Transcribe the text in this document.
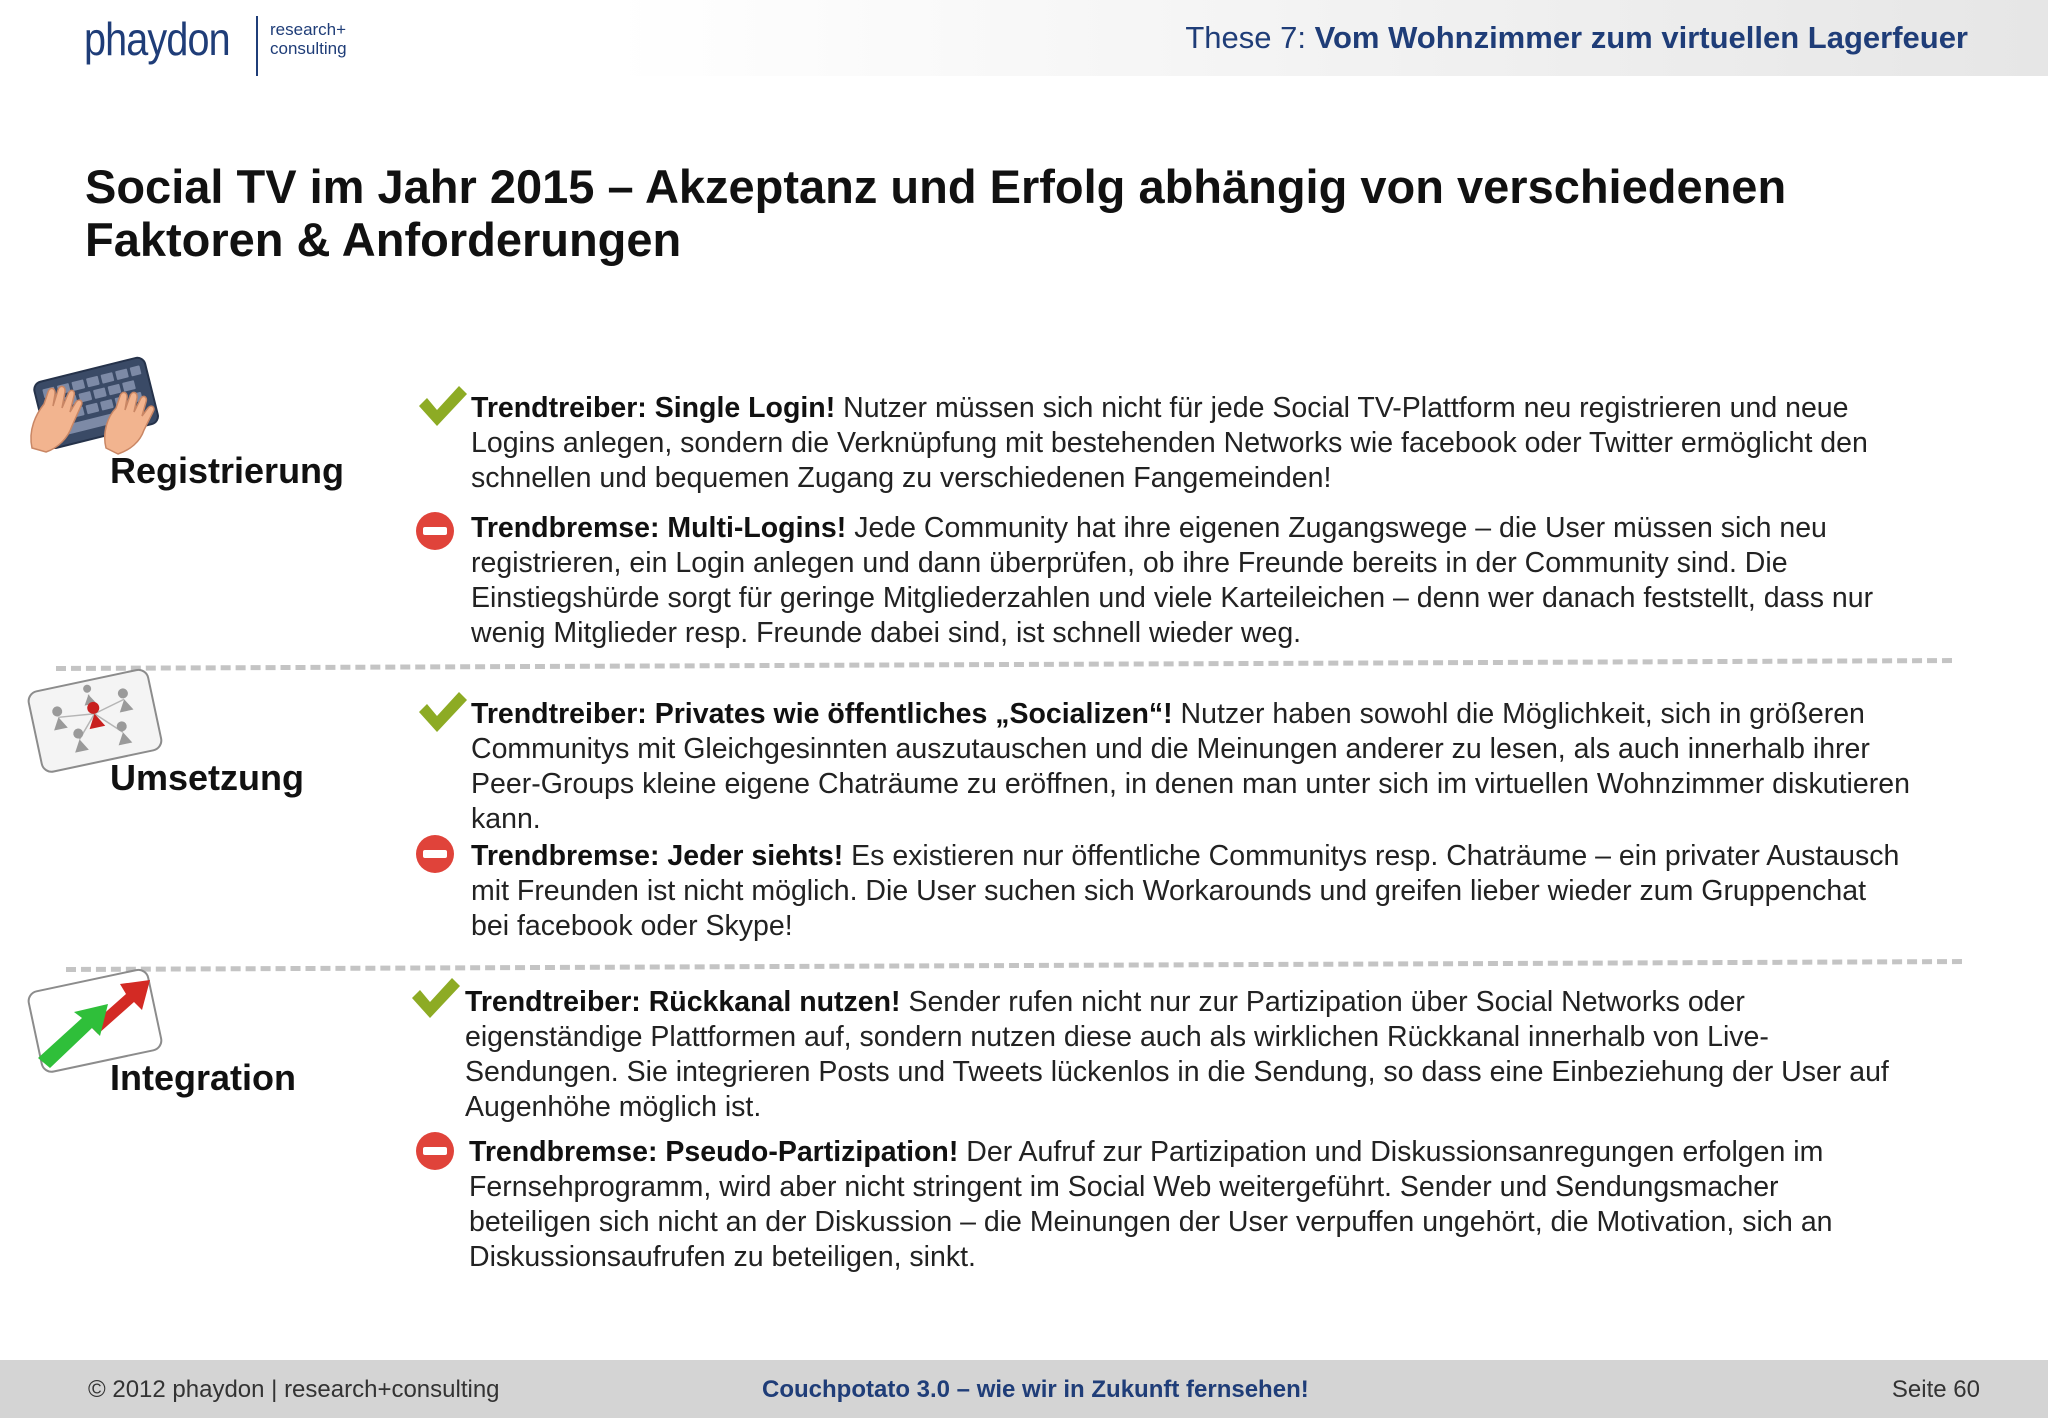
phaydon research+
consulting	These 7: Vom Wohnzimmer zum virtuellen Lagerfeuer
Social TV im Jahr 2015 – Akzeptanz und Erfolg abhängig von verschiedenen Faktoren & Anforderungen
Registrierung
Trendtreiber: Single Login! Nutzer müssen sich nicht für jede Social TV-Plattform neu registrieren und neue Logins anlegen, sondern die Verknüpfung mit bestehenden Networks wie facebook oder Twitter ermöglicht den schnellen und bequemen Zugang zu verschiedenen Fangemeinden!
Trendbremse: Multi-Logins! Jede Community hat ihre eigenen Zugangswege – die User müssen sich neu registrieren, ein Login anlegen und dann überprüfen, ob ihre Freunde bereits in der Community sind. Die Einstiegshürde sorgt für geringe Mitgliederzahlen und viele Karteileichen – denn wer danach feststellt, dass nur wenig Mitglieder resp. Freunde dabei sind, ist schnell wieder weg.
Umsetzung
Trendtreiber: Privates wie öffentliches „Socializen“! Nutzer haben sowohl die Möglichkeit, sich in größeren Communitys mit Gleichgesinnten auszutauschen und die Meinungen anderer zu lesen, als auch innerhalb ihrer Peer-Groups kleine eigene Chaträume zu eröffnen, in denen man unter sich im virtuellen Wohnzimmer diskutieren kann.
Trendbremse: Jeder siehts! Es existieren nur öffentliche Communitys resp. Chaträume – ein privater Austausch mit Freunden ist nicht möglich. Die User suchen sich Workarounds und greifen lieber wieder zum Gruppenchat bei facebook oder Skype!
Integration
Trendtreiber: Rückkanal nutzen! Sender rufen nicht nur zur Partizipation über Social Networks oder eigenständige Plattformen auf, sondern nutzen diese auch als wirklichen Rückkanal innerhalb von Live-Sendungen. Sie integrieren Posts und Tweets lückenlos in die Sendung, so dass eine Einbeziehung der User auf Augenhöhe möglich ist.
Trendbremse: Pseudo-Partizipation! Der Aufruf zur Partizipation und Diskussionsanregungen erfolgen im Fernsehprogramm, wird aber nicht stringent im Social Web weitergeführt. Sender und Sendungsmacher beteiligen sich nicht an der Diskussion – die Meinungen der User verpuffen ungehört, die Motivation, sich an Diskussionsaufrufen zu beteiligen, sinkt.
© 2012 phaydon | research+consulting	Couchpotato 3.0 – wie wir in Zukunft fernsehen!	Seite 60
